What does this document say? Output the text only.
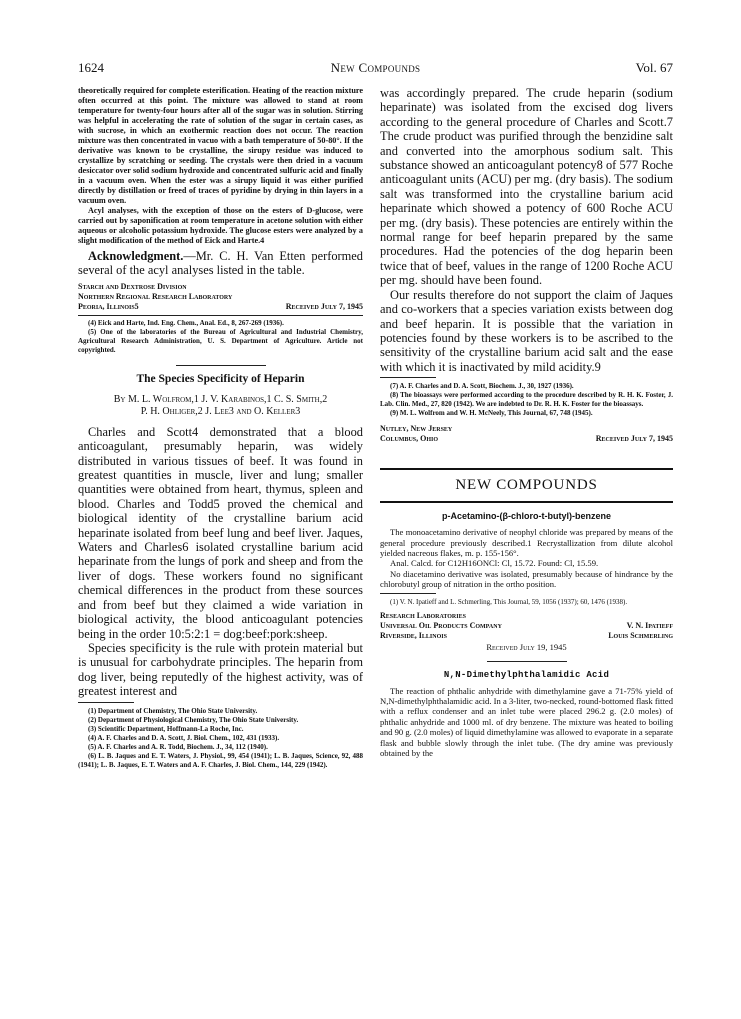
1624	New Compounds	Vol. 67

theoretically required for complete esterification. Heating of the reaction mixture often occurred at this point. The mixture was allowed to stand at room temperature for twenty-four hours after all of the sugar was in solution. Stirring was helpful in accelerating the rate of solution of the sugar in certain cases, as with sucrose, in which an exothermic reaction does not occur. The reaction mixture was then concentrated in vacuo with a bath temperature of 50-80°. If the derivative was known to be crystalline, the sirupy residue was induced to crystallize by scratching or seeding. The crystals were then dried in a vacuum desiccator over solid sodium hydroxide and concentrated sulfuric acid and finally in a vacuum oven. When the ester was a sirupy liquid it was either purified directly by distillation or freed of traces of pyridine by drying in thin layers in a vacuum oven.

Acyl analyses, with the exception of those on the esters of D-glucose, were carried out by saponification at room temperature in acetone solution with either aqueous or alcoholic potassium hydroxide. The glucose esters were analyzed by a slight modification of the method of Eick and Harte.4

Acknowledgment.—Mr. C. H. Van Etten performed several of the acyl analyses listed in the table.

Starch and Dextrose Division
Northern Regional Research Laboratory
Peoria, Illinois5	Received July 7, 1945

(4) Eick and Harte, Ind. Eng. Chem., Anal. Ed., 8, 267-269 (1936).

(5) One of the laboratories of the Bureau of Agricultural and Industrial Chemistry, Agricultural Research Administration, U. S. Department of Agriculture. Article not copyrighted.

The Species Specificity of Heparin
By M. L. Wolfrom,1 J. V. Karabinos,1 C. S. Smith,2
P. H. Ohliger,2 J. Lee3 and O. Keller3

Charles and Scott4 demonstrated that a blood anticoagulant, presumably heparin, was widely distributed in various tissues of beef. It was found in greatest quantities in muscle, liver and lung; smaller quantities were obtained from heart, thymus, spleen and blood. Charles and Todd5 proved the chemical and biological identity of the crystalline barium acid heparinate isolated from beef lung and beef liver. Jaques, Waters and Charles6 isolated crystalline barium acid heparinate from the lungs of pork and sheep and from the liver of dogs. These workers found no significant chemical differences in the product from these sources and from beef but they claimed a wide variation in biological activity, the blood anticoagulant potencies being in the order 10:5:2:1 = dog:beef:pork:sheep.

Species specificity is the rule with protein material but is unusual for carbohydrate principles. The heparin from dog liver, being reputedly of the highest activity, was of greatest interest and

(1) Department of Chemistry, The Ohio State University.

(2) Department of Physiological Chemistry, The Ohio State University.

(3) Scientific Department, Hoffmann-La Roche, Inc.

(4) A. F. Charles and D. A. Scott, J. Biol. Chem., 102, 431 (1933).

(5) A. F. Charles and A. R. Todd, Biochem. J., 34, 112 (1940).

(6) L. B. Jaques and E. T. Waters, J. Physiol., 99, 454 (1941); L. B. Jaques, Science, 92, 488 (1941); L. B. Jaques, E. T. Waters and A. F. Charles, J. Biol. Chem., 144, 229 (1942).

was accordingly prepared. The crude heparin (sodium heparinate) was isolated from the excised dog livers according to the general procedure of Charles and Scott.7 The crude product was purified through the benzidine salt and converted into the amorphous sodium salt. This substance showed an anticoagulant potency8 of 577 Roche anticoagulant units (ACU) per mg. (dry basis). The sodium salt was transformed into the crystalline barium acid heparinate which showed a potency of 600 Roche ACU per mg. (dry basis). These potencies are entirely within the normal range for beef heparin prepared by the same procedures. Had the potencies of the dog heparin been twice that of beef, values in the range of 1200 Roche ACU per mg. should have been found.

Our results therefore do not support the claim of Jaques and co-workers that a species variation exists between dog and beef heparin. It is possible that the variation in potencies found by these workers is to be ascribed to the sensitivity of the crystalline barium acid salt and the ease with which it is inactivated by mild acidity.9

(7) A. F. Charles and D. A. Scott, Biochem. J., 30, 1927 (1936).

(8) The bioassays were performed according to the procedure described by R. H. K. Foster, J. Lab. Clin. Med., 27, 820 (1942). We are indebted to Dr. R. H. K. Foster for the bioassays.

(9) M. L. Wolfrom and W. H. McNeely, This Journal, 67, 748 (1945).

Nutley, New Jersey
Columbus, Ohio	Received July 7, 1945
NEW COMPOUNDS
p-Acetamino-(β-chloro-t-butyl)-benzene

The monoacetamino derivative of neophyl chloride was prepared by means of the general procedure previously described.1 Recrystallization from dilute alcohol yielded nacreous flakes, m. p. 155-156°.

Anal. Calcd. for C12H16ONCl: Cl, 15.72. Found: Cl, 15.59.

No diacetamino derivative was isolated, presumably because of hindrance by the chlorobutyl group of nitration in the ortho position.

(1) V. N. Ipatieff and L. Schmerling, This Journal, 59, 1056 (1937); 60, 1476 (1938).

Research Laboratories
Universal Oil Products Company	V. N. Ipatieff
Riverside, Illinois	Louis Schmerling
Received July 19, 1945
N,N-Dimethylphthalamidic Acid

The reaction of phthalic anhydride with dimethylamine gave a 71-75% yield of N,N-dimethylphthalamidic acid. In a 3-liter, two-necked, round-bottomed flask fitted with a reflux condenser and an inlet tube were placed 296.2 g. (2.0 moles) of phthalic anhydride and 1000 ml. of dry benzene. The mixture was heated to boiling and 90 g. (2.0 moles) of liquid dimethylamine was allowed to evaporate in a separate flask and bubble slowly through the inlet tube. (The dry amine was previously obtained by the
